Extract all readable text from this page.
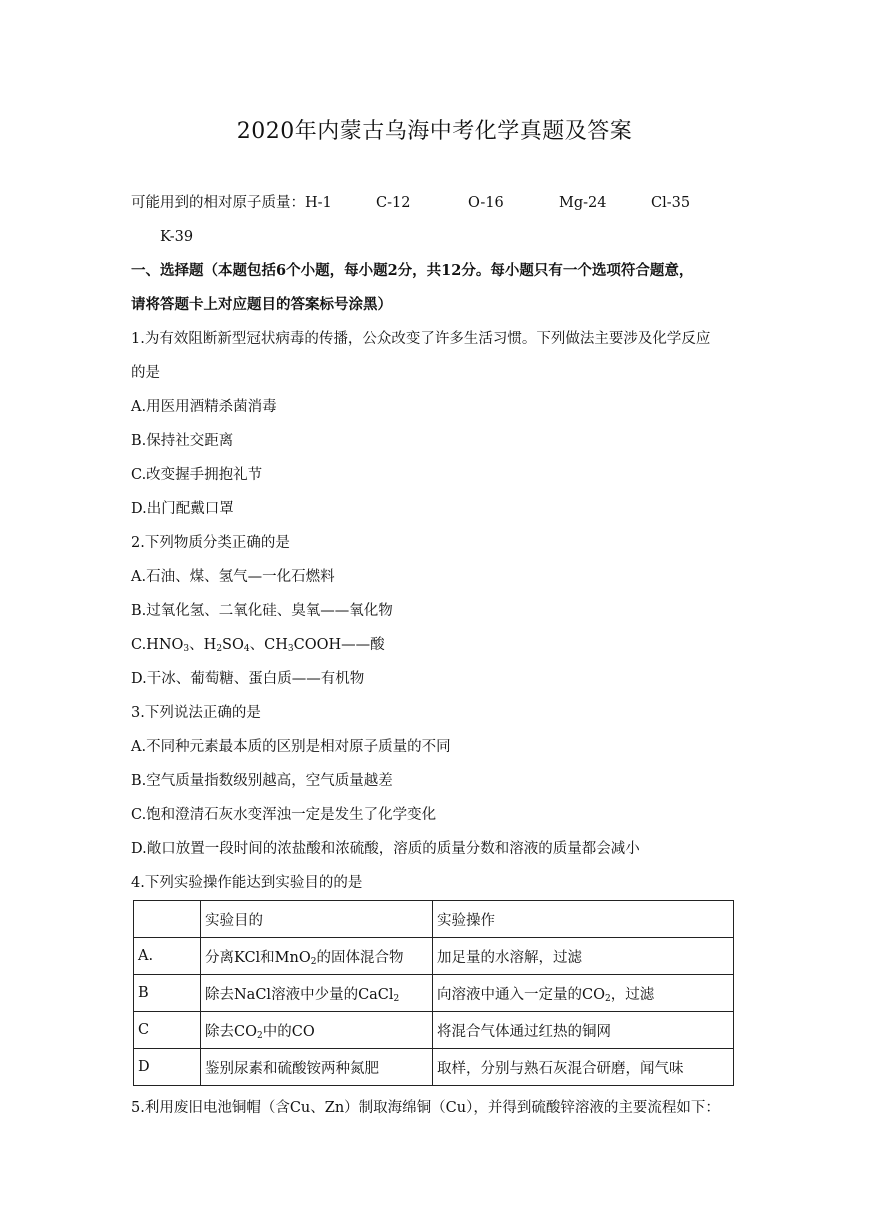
2020年内蒙古乌海中考化学真题及答案
可能用到的相对原子质量：H-1	C-12	O-16	Mg-24	Cl-35
K-39
一、选择题（本题包括6个小题，每小题2分，共12分。每小题只有一个选项符合题意，
请将答题卡上对应题目的答案标号涂黑）
1.为有效阻断新型冠状病毒的传播，公众改变了许多生活习惯。下列做法主要涉及化学反应
的是
A.用医用酒精杀菌消毒
B.保持社交距离
C.改变握手拥抱礼节
D.出门配戴口罩
2.下列物质分类正确的是
A.石油、煤、氢气—一化石燃料
B.过氧化氢、二氧化硅、臭氧——氧化物
$C.HNO_3$、$H_2SO_4$、$CH_3COOH——$酸
D.干冰、葡萄糖、蛋白质——有机物
3.下列说法正确的是
A.不同种元素最本质的区别是相对原子质量的不同
B.空气质量指数级别越高，空气质量越差
C.饱和澄清石灰水变浑浊一定是发生了化学变化
D.敞口放置一段时间的浓盐酸和浓硫酸，溶质的质量分数和溶液的质量都会减小
4.下列实验操作能达到实验目的的是
	实验目的	实验操作
A.	分离KCl和MnO$_2$的固体混合物	加足量的水溶解，过滤
B	除去NaCl溶液中少量的CaCl$_2$	向溶液中通入一定量的$CO_2$，过滤
C	除去$CO_2$中的CO	将混合气体通过红热的铜网
D	鉴别尿素和硫酸铵两种氮肥	取样，分别与熟石灰混合研磨，闻气味
5.利用废旧电池铜帽（含Cu、Zn）制取海绵铜（Cu），并得到硫酸锌溶液的主要流程如下：
